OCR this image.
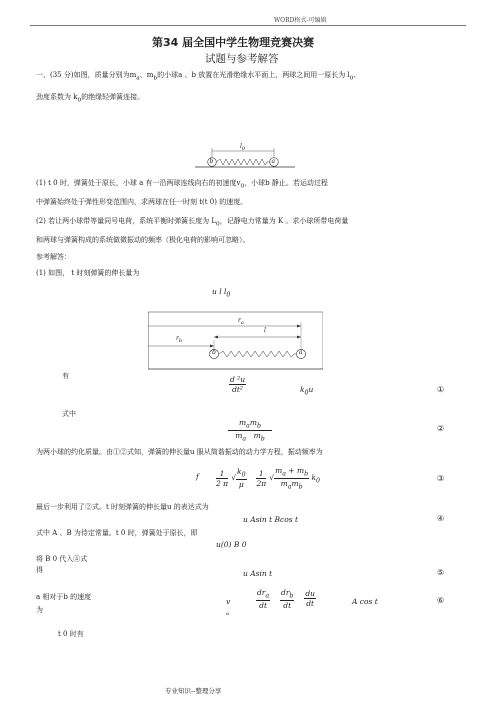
WORD格式-可编辑
第34 届全国中学生物理竞赛决赛
试题与参考解答
一、(35 分)如图，质量分别为$m_a$、$m_b$的小球a 、b 放置在光滑绝缘水平面上，两球之间用一原长为 $l_0$、
劲度系数为 $k_0$的绝缘轻弹簧连接。
$l_0$
b	a
(1) t 0 时，弹簧处于原长，小球 a 有一沿两球连线向右的初速度$v_0$，小球b 静止。若运动过程
中弹簧始终处于弹性形变范围内，求两球在任一时刻 t(t 0) 的速度。
(2) 若让两小球带等量同号电荷，系统平衡时弹簧长度为 $L_0$，记静电力常量为 K 。求小球所带电荷量
和两球与弹簧构成的系统做微振动的频率（极化电荷的影响可忽略）。
参考解答：
(1) 如图， t 时刻弹簧的伸长量为
u l $l_0$
$r_a$
l
$r_b$
b	a
有	$\frac{\text{d ²u}}{\text{dt²}}$	$k_0u$	①
式中
$\frac{m_am_b}{m_a m_b}$	②
为两小球的约化质量。由①②式知，弹簧的伸长量u 服从简谐振动的动力学方程，振动频率为
f $\frac{1}{2 \pi}$  √ $\frac{k_0}{\mu}$
  $\frac{1}{2\pi}$  √ $\frac{m_a + m_b}{m_am_b} k_0$	③
最后一步利用了②式。t 时刻弹簧的伸长量u 的表达式为
u Asin t Bcos t	④
式中 A 、B 为待定常量。t 0 时，弹簧处于原长，即
u(0) B 0
将 B 0 代入④式
得	u Asin t	⑤
a 相对于b 的速度
为
v
a
$\frac{dr_a}{dt}$
  $\frac{dr_b}{dt}$
  $\frac{du}{dt}$	A cos t	⑥
t 0 时有
专业知识--整理分享
